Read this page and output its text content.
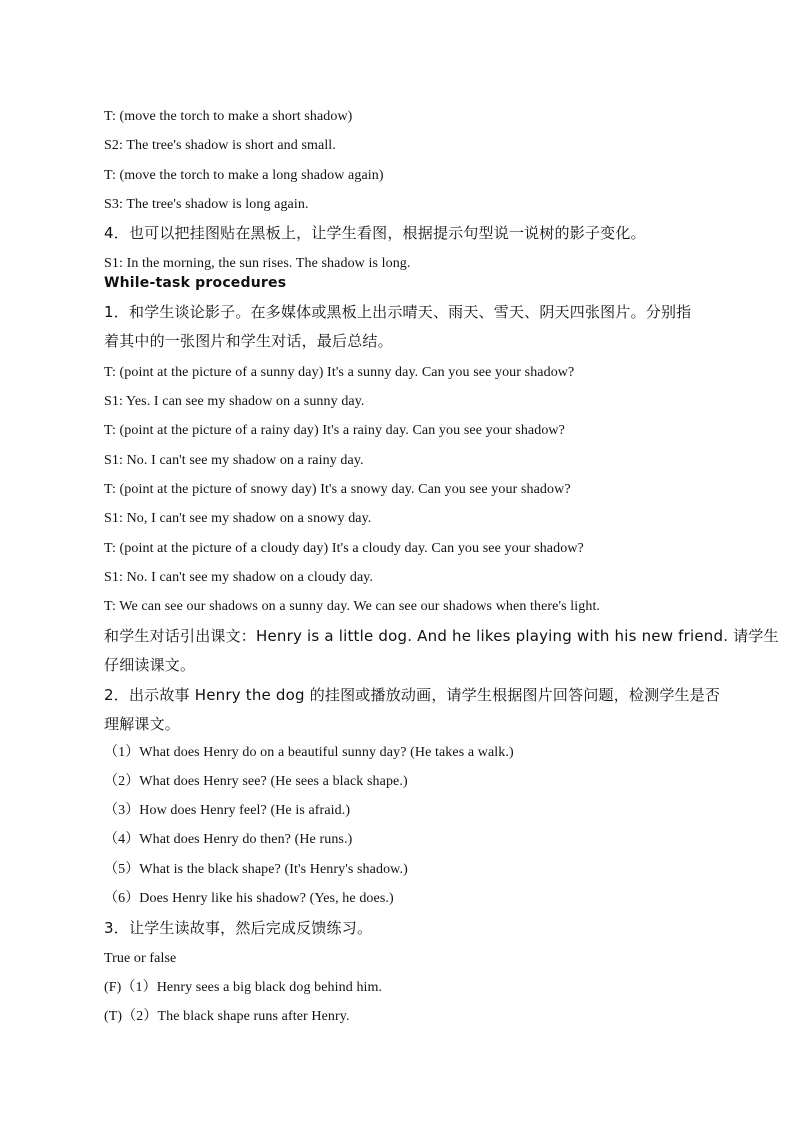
T: (move the torch to make a short shadow)
S2: The tree's shadow is short and small.
T: (move the torch to make a long shadow again)
S3: The tree's shadow is long again.
4．也可以把挂图贴在黑板上，让学生看图，根据提示句型说一说树的影子变化。
S1: In the morning, the sun rises. The shadow is long.
While-task procedures
1．和学生谈论影子。在多媒体或黑板上出示晴天、雨天、雪天、阴天四张图片。分别指
着其中的一张图片和学生对话，最后总结。
T: (point at the picture of a sunny day) It's a sunny day. Can you see your shadow?
S1: Yes. I can see my shadow on a sunny day.
T: (point at the picture of a rainy day) It's a rainy day. Can you see your shadow?
S1: No. I can't see my shadow on a rainy day.
T: (point at the picture of snowy day) It's a snowy day. Can you see your shadow?
S1: No, I can't see my shadow on a snowy day.
T: (point at the picture of a cloudy day) It's a cloudy day. Can you see your shadow?
S1: No. I can't see my shadow on a cloudy day.
T: We can see our shadows on a sunny day. We can see our shadows when there's light.
和学生对话引出课文：Henry is a little dog. And he likes playing with his new friend. 请学生
仔细读课文。
2．出示故事 Henry the dog 的挂图或播放动画，请学生根据图片回答问题，检测学生是否
理解课文。
（1）What does Henry do on a beautiful sunny day? (He takes a walk.)
（2）What does Henry see? (He sees a black shape.)
（3）How does Henry feel? (He is afraid.)
（4）What does Henry do then? (He runs.)
（5）What is the black shape? (It's Henry's shadow.)
（6）Does Henry like his shadow? (Yes, he does.)
3．让学生读故事，然后完成反馈练习。
True or false
(F)（1）Henry sees a big black dog behind him.
(T)（2）The black shape runs after Henry.
